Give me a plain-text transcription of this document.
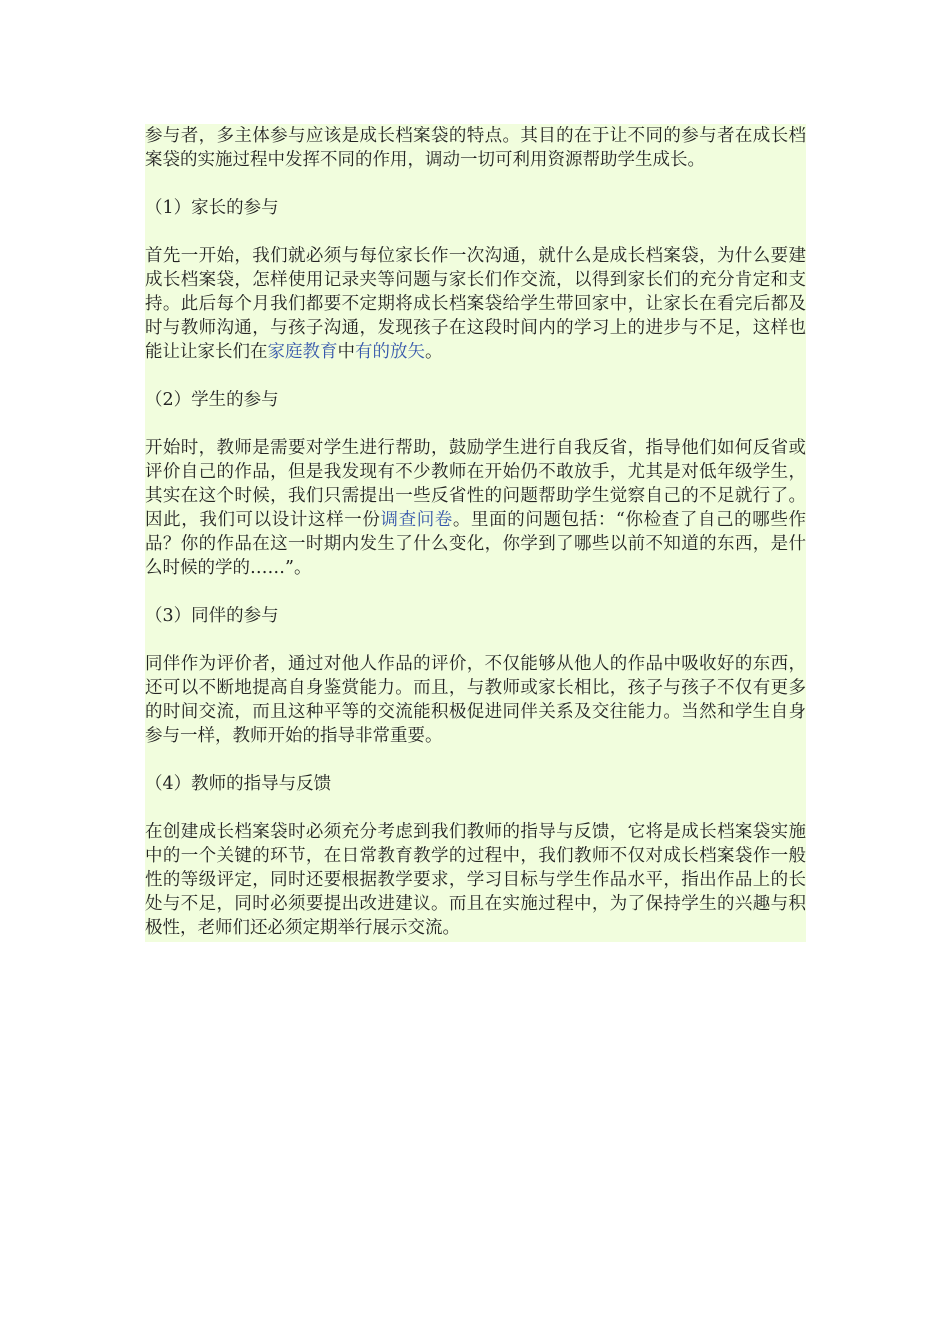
参与者，多主体参与应该是成长档案袋的特点。其目的在于让不同的参与者在成长档案袋的实施过程中发挥不同的作用，调动一切可利用资源帮助学生成长。

（1）家长的参与

首先一开始，我们就必须与每位家长作一次沟通，就什么是成长档案袋，为什么要建成长档案袋，怎样使用记录夹等问题与家长们作交流，以得到家长们的充分肯定和支持。此后每个月我们都要不定期将成长档案袋给学生带回家中，让家长在看完后都及时与教师沟通，与孩子沟通，发现孩子在这段时间内的学习上的进步与不足，这样也能让让家长们在家庭教育中有的放矢。

（2）学生的参与

开始时，教师是需要对学生进行帮助，鼓励学生进行自我反省，指导他们如何反省或评价自己的作品，但是我发现有不少教师在开始仍不敢放手，尤其是对低年级学生，其实在这个时候，我们只需提出一些反省性的问题帮助学生觉察自己的不足就行了。因此，我们可以设计这样一份调查问卷。里面的问题包括：“你检查了自己的哪些作品？你的作品在这一时期内发生了什么变化，你学到了哪些以前不知道的东西，是什么时候的学的……”。

（3）同伴的参与

同伴作为评价者，通过对他人作品的评价，不仅能够从他人的作品中吸收好的东西，还可以不断地提高自身鉴赏能力。而且，与教师或家长相比，孩子与孩子不仅有更多的时间交流，而且这种平等的交流能积极促进同伴关系及交往能力。当然和学生自身参与一样，教师开始的指导非常重要。

（4）教师的指导与反馈

在创建成长档案袋时必须充分考虑到我们教师的指导与反馈，它将是成长档案袋实施中的一个关键的环节，在日常教育教学的过程中，我们教师不仅对成长档案袋作一般性的等级评定，同时还要根据教学要求，学习目标与学生作品水平，指出作品上的长处与不足，同时必须要提出改进建议。而且在实施过程中，为了保持学生的兴趣与积极性，老师们还必须定期举行展示交流。
